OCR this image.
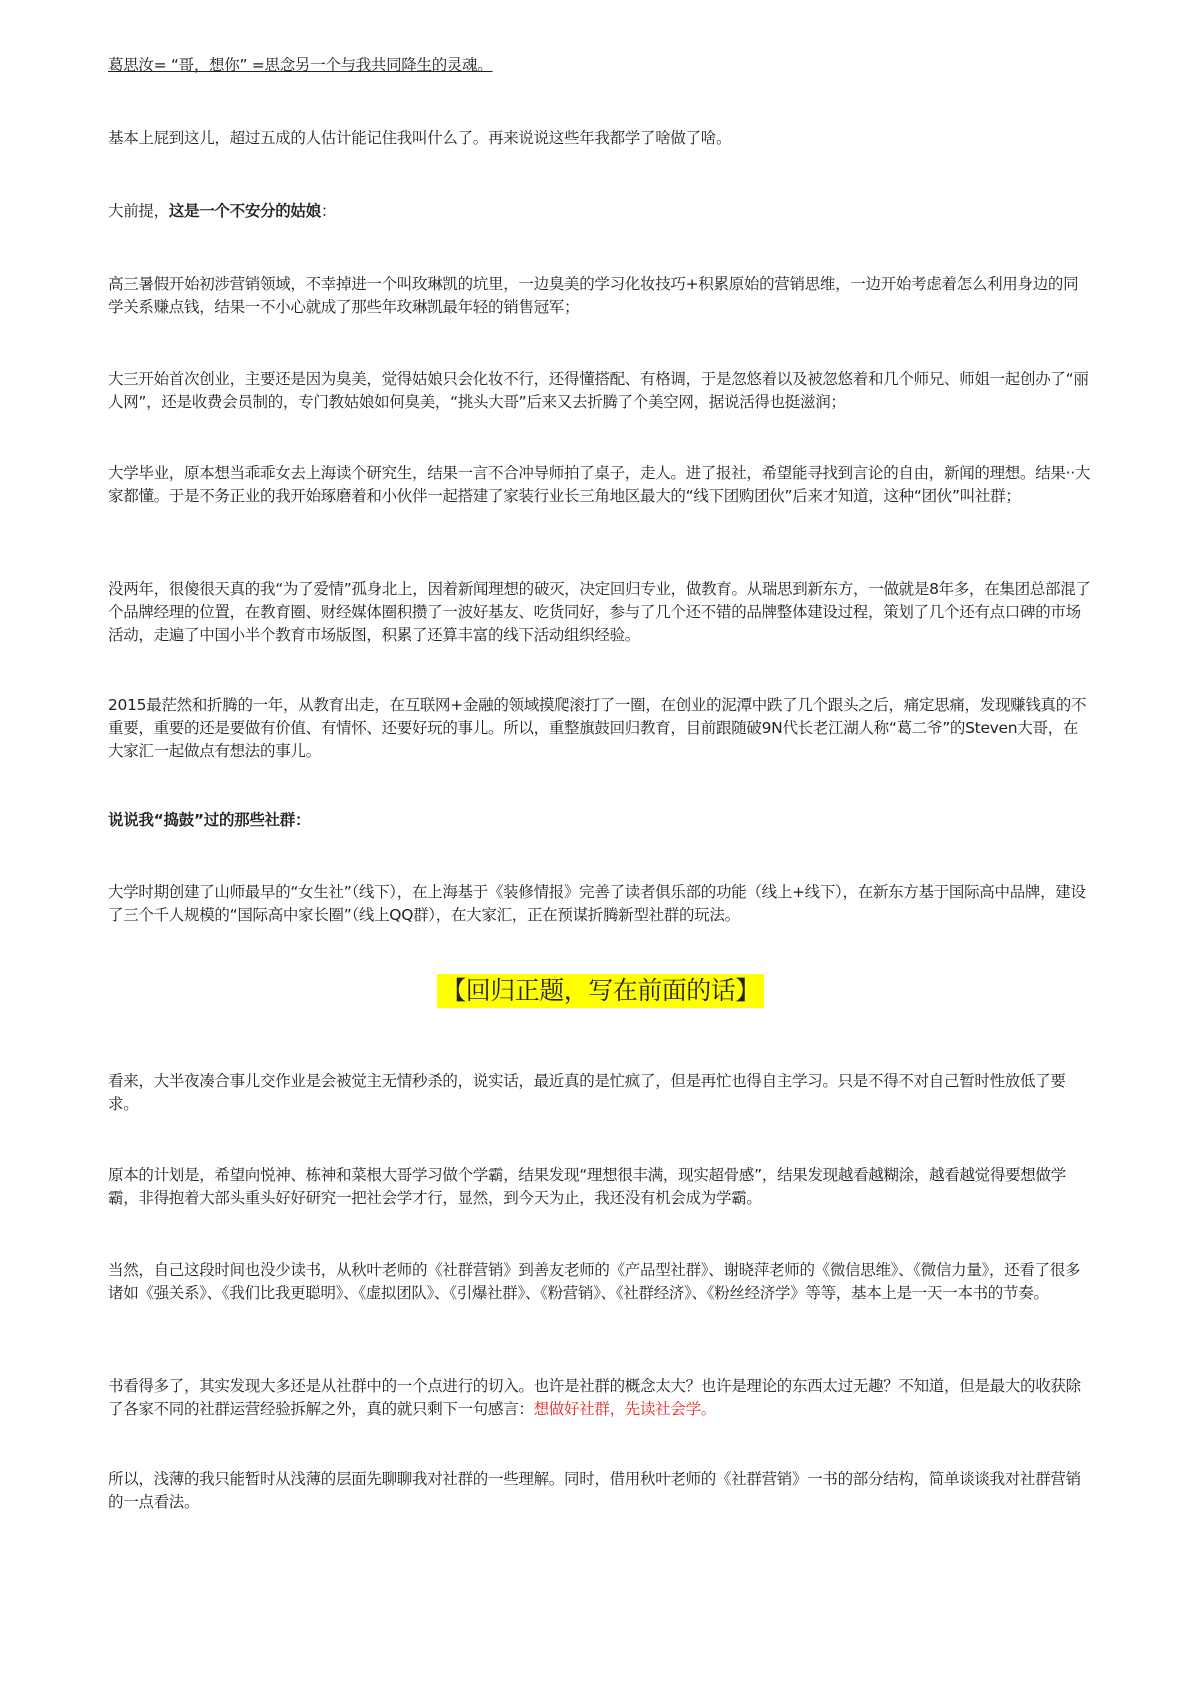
葛思汝= “哥，想你” =思念另一个与我共同降生的灵魂。

基本上屁到这儿，超过五成的人估计能记住我叫什么了。再来说说这些年我都学了啥做了啥。

大前提，这是一个不安分的姑娘：

高三暑假开始初涉营销领域，不幸掉进一个叫玫琳凯的坑里，一边臭美的学习化妆技巧+积累原始的营销思维，一边开始考虑着怎么利用身边的同学关系赚点钱，结果一不小心就成了那些年玫琳凯最年轻的销售冠军；

大三开始首次创业，主要还是因为臭美，觉得姑娘只会化妆不行，还得懂搭配、有格调，于是忽悠着以及被忽悠着和几个师兄、师姐一起创办了“丽人网”，还是收费会员制的，专门教姑娘如何臭美，“挑头大哥”后来又去折腾了个美空网，据说活得也挺滋润；

大学毕业，原本想当乖乖女去上海读个研究生，结果一言不合冲导师拍了桌子，走人。进了报社，希望能寻找到言论的自由，新闻的理想。结果··大家都懂。于是不务正业的我开始琢磨着和小伙伴一起搭建了家装行业长三角地区最大的“线下团购团伙”后来才知道，这种“团伙”叫社群；

没两年，很傻很天真的我“为了爱情”孤身北上，因着新闻理想的破灭，决定回归专业，做教育。从瑞思到新东方，一做就是8年多，在集团总部混了个品牌经理的位置，在教育圈、财经媒体圈积攒了一波好基友、吃货同好，参与了几个还不错的品牌整体建设过程，策划了几个还有点口碑的市场活动，走遍了中国小半个教育市场版图，积累了还算丰富的线下活动组织经验。

2015最茫然和折腾的一年，从教育出走，在互联网+金融的领域摸爬滚打了一圈，在创业的泥潭中跌了几个跟头之后，痛定思痛，发现赚钱真的不重要，重要的还是要做有价值、有情怀、还要好玩的事儿。所以，重整旗鼓回归教育，目前跟随破9N代长老江湖人称“葛二爷”的Steven大哥，在大家汇一起做点有想法的事儿。

说说我“捣鼓”过的那些社群：

大学时期创建了山师最早的“女生社”（线下），在上海基于《装修情报》完善了读者俱乐部的功能（线上+线下），在新东方基于国际高中品牌，建设了三个千人规模的“国际高中家长圈”（线上QQ群），在大家汇，正在预谋折腾新型社群的玩法。

【回归正题，写在前面的话】

看来，大半夜凑合事儿交作业是会被觉主无情秒杀的，说实话，最近真的是忙疯了，但是再忙也得自主学习。只是不得不对自己暂时性放低了要求。

原本的计划是，希望向悦神、栋神和菜根大哥学习做个学霸，结果发现“理想很丰满，现实超骨感”，结果发现越看越糊涂，越看越觉得要想做学霸，非得抱着大部头重头好好研究一把社会学才行，显然，到今天为止，我还没有机会成为学霸。

当然，自己这段时间也没少读书，从秋叶老师的《社群营销》到善友老师的《产品型社群》、谢晓萍老师的《微信思维》、《微信力量》，还看了很多诸如《强关系》、《我们比我更聪明》、《虚拟团队》、《引爆社群》、《粉营销》、《社群经济》、《粉丝经济学》等等，基本上是一天一本书的节奏。

书看得多了，其实发现大多还是从社群中的一个点进行的切入。也许是社群的概念太大？也许是理论的东西太过无趣？不知道，但是最大的收获除了各家不同的社群运营经验拆解之外，真的就只剩下一句感言：想做好社群，先读社会学。

所以，浅薄的我只能暂时从浅薄的层面先聊聊我对社群的一些理解。同时，借用秋叶老师的《社群营销》一书的部分结构，简单谈谈我对社群营销的一点看法。
